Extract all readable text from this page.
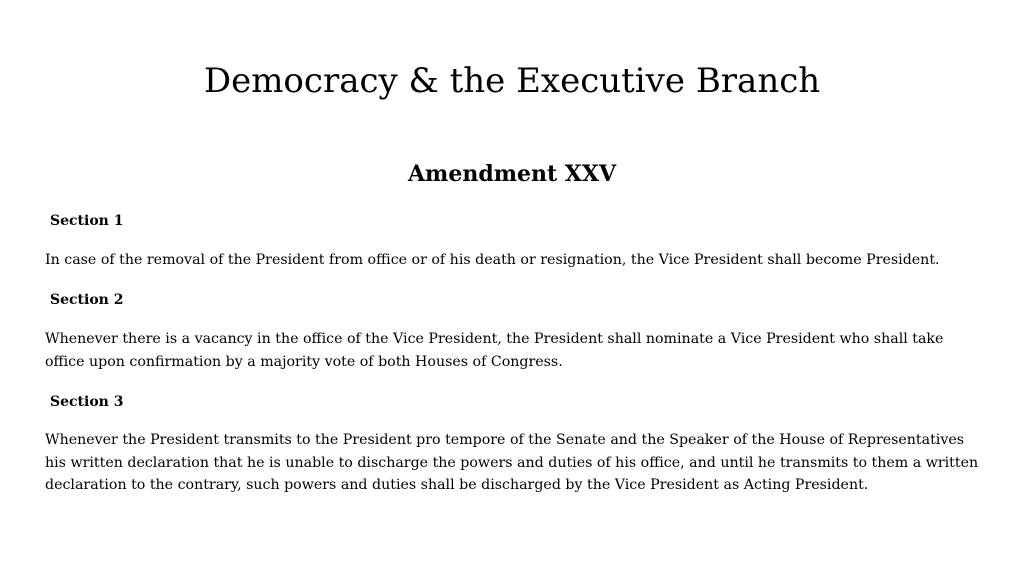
Democracy & the Executive Branch
Amendment XXV
Section 1

In case of the removal of the President from office or of his death or resignation, the Vice President shall become President.

Section 2

Whenever there is a vacancy in the office of the Vice President, the President shall nominate a Vice President who shall take office upon confirmation by a majority vote of both Houses of Congress.

Section 3

Whenever the President transmits to the President pro tempore of the Senate and the Speaker of the House of Representatives his written declaration that he is unable to discharge the powers and duties of his office, and until he transmits to them a written declaration to the contrary, such powers and duties shall be discharged by the Vice President as Acting President.
